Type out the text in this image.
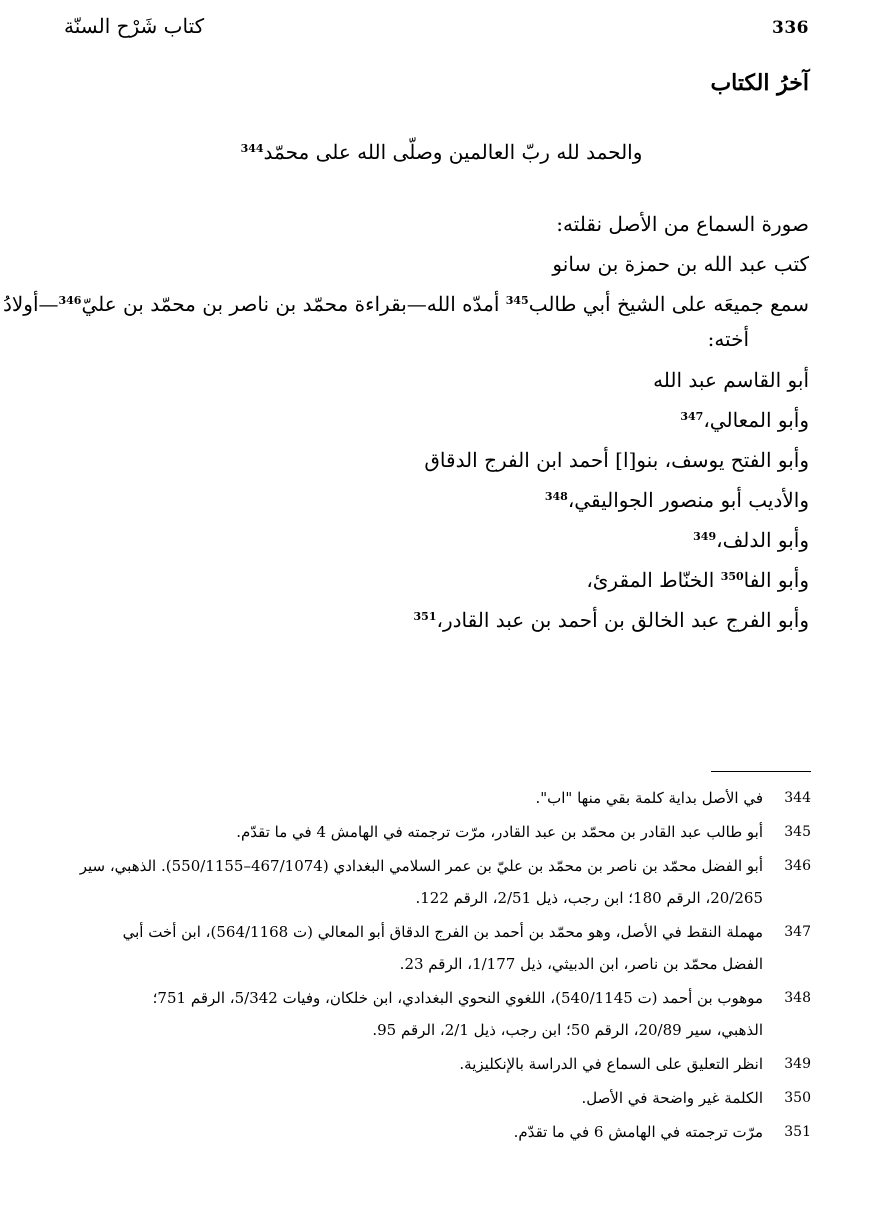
كتاب شَرْح السنّة	336
آخرُ الكتاب
والحمد لله ربّ العالمين وصلّى الله على محمّد$^{344}$
صورة السماع من الأصل نقلته:
كتب عبد الله بن حمزة بن سانو
سمع جميعَه على الشيخ أبي طالب$^{345}$ أمدّه الله—بقراءة محمّد بن ناصر بن محمّد بن عليّ$^{346}$—أولادُ
أخته:
أبو القاسم عبد الله
وأبو المعالي،$^{347}$
وأبو الفتح يوسف، بنو[ا] أحمد ابن الفرج الدقاق
والأديب أبو منصور الجواليقي،$^{348}$
وأبو الدلف،$^{349}$
وأبو الفا$^{350}$ الخنّاط المقرئ،
وأبو الفرج عبد الخالق بن أحمد بن عبد القادر،$^{351}$
344
في الأصل بداية كلمة بقي منها "اب".
345
أبو طالب عبد القادر بن محمّد بن عبد القادر، مرّت ترجمته في الهامش 4 في ما تقدّم.
346
أبو الفضل محمّد بن ناصر بن محمّد بن عليّ بن عمر السلامي البغدادي (467/1074–550/1155). الذهبي، سير
20/265، الرقم 180؛ ابن رجب، ذيل 2/51، الرقم 122.
347
مهملة النقط في الأصل، وهو محمّد بن أحمد بن الفرج الدقاق أبو المعالي (ت 564/1168)، ابن أخت أبي
الفضل محمّد بن ناصر، ابن الدبيثي، ذيل 1/177، الرقم 23.
348
موهوب بن أحمد (ت 540/1145)، اللغوي النحوي البغدادي، ابن خلكان، وفيات 5/342، الرقم 751؛
الذهبي، سير 20/89، الرقم 50؛ ابن رجب، ذيل 2/1، الرقم 95.
349
انظر التعليق على السماع في الدراسة بالإنكليزية.
350
الكلمة غير واضحة في الأصل.
351
مرّت ترجمته في الهامش 6 في ما تقدّم.
